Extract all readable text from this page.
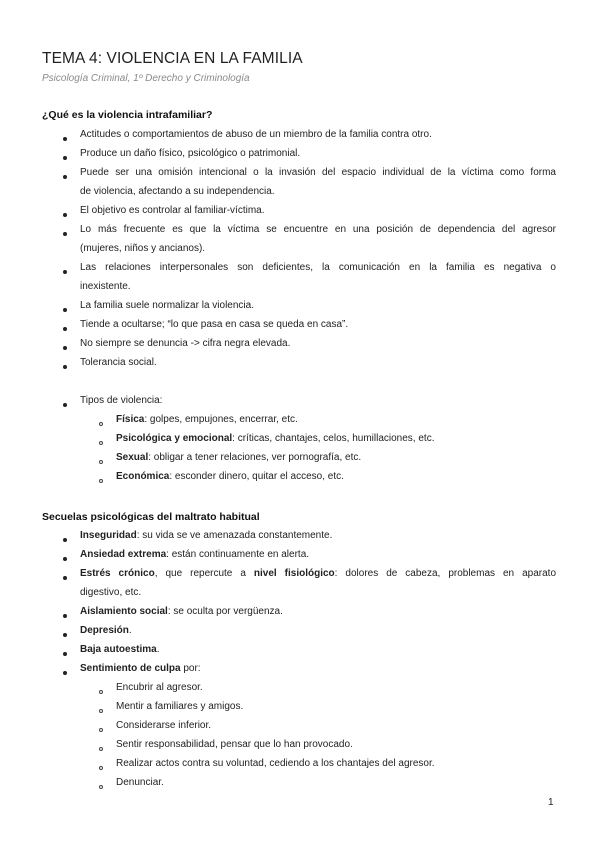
TEMA 4: VIOLENCIA EN LA FAMILIA
Psicología Criminal, 1º Derecho y Criminología
¿Qué es la violencia intrafamiliar?
Actitudes o comportamientos de abuso de un miembro de la familia contra otro.
Produce un daño físico, psicológico o patrimonial.
Puede ser una omisión intencional o la invasión del espacio individual de la víctima como forma
de violencia, afectando a su independencia.
El objetivo es controlar al familiar-víctima.
Lo más frecuente es que la víctima se encuentre en una posición de dependencia del agresor
(mujeres, niños y ancianos).
Las relaciones interpersonales son deficientes, la comunicación en la familia es negativa o
inexistente.
La familia suele normalizar la violencia.
Tiende a ocultarse; “lo que pasa en casa se queda en casa”.
No siempre se denuncia -> cifra negra elevada.
Tolerancia social.
Tipos de violencia:
Física: golpes, empujones, encerrar, etc.
Psicológica y emocional: críticas, chantajes, celos, humillaciones, etc.
Sexual: obligar a tener relaciones, ver pornografía, etc.
Económica: esconder dinero, quitar el acceso, etc.
Secuelas psicológicas del maltrato habitual
Inseguridad: su vida se ve amenazada constantemente.
Ansiedad extrema: están continuamente en alerta.
Estrés crónico, que repercute a nivel fisiológico: dolores de cabeza, problemas en aparato
digestivo, etc.
Aislamiento social: se oculta por vergüenza.
Depresión.
Baja autoestima.
Sentimiento de culpa por:
Encubrir al agresor.
Mentir a familiares y amigos.
Considerarse inferior.
Sentir responsabilidad, pensar que lo han provocado.
Realizar actos contra su voluntad, cediendo a los chantajes del agresor.
Denunciar.
1
